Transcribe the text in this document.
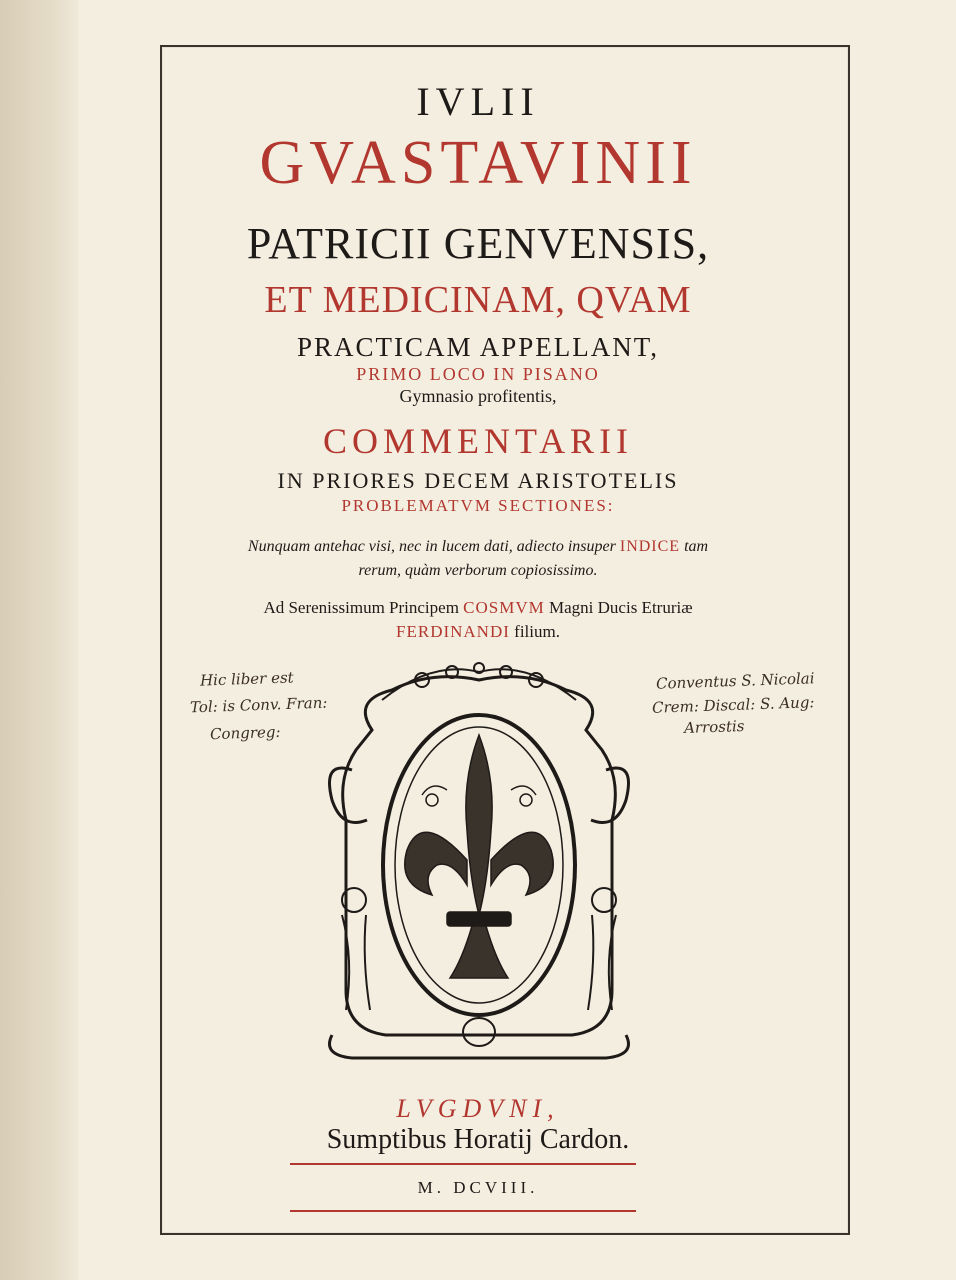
IVLII
GVASTAVINII
PATRICII GENVENSIS,
ET MEDICINAM, QVAM
PRACTICAM APPELLANT,
PRIMO LOCO IN PISANO
Gymnasio profitentis,
COMMENTARII
IN PRIORES DECEM ARISTOTELIS
PROBLEMATVM SECTIONES:
Nunquam antehac visi, nec in lucem dati, adiecto insuper INDICE tam
rerum, quàm verborum copiosissimo.
Ad Serenissimum Principem COSMVM Magni Ducis Etruriæ
FERDINANDI filium.
Hic liber est
Tol: is Conv. Fran:
Congreg:
Conventus S. Nicolai
Crem: Discal: S. Aug:
Arrostis
LVGDVNI,
Sumptibus Horatij Cardon.
M. DCVIII.
